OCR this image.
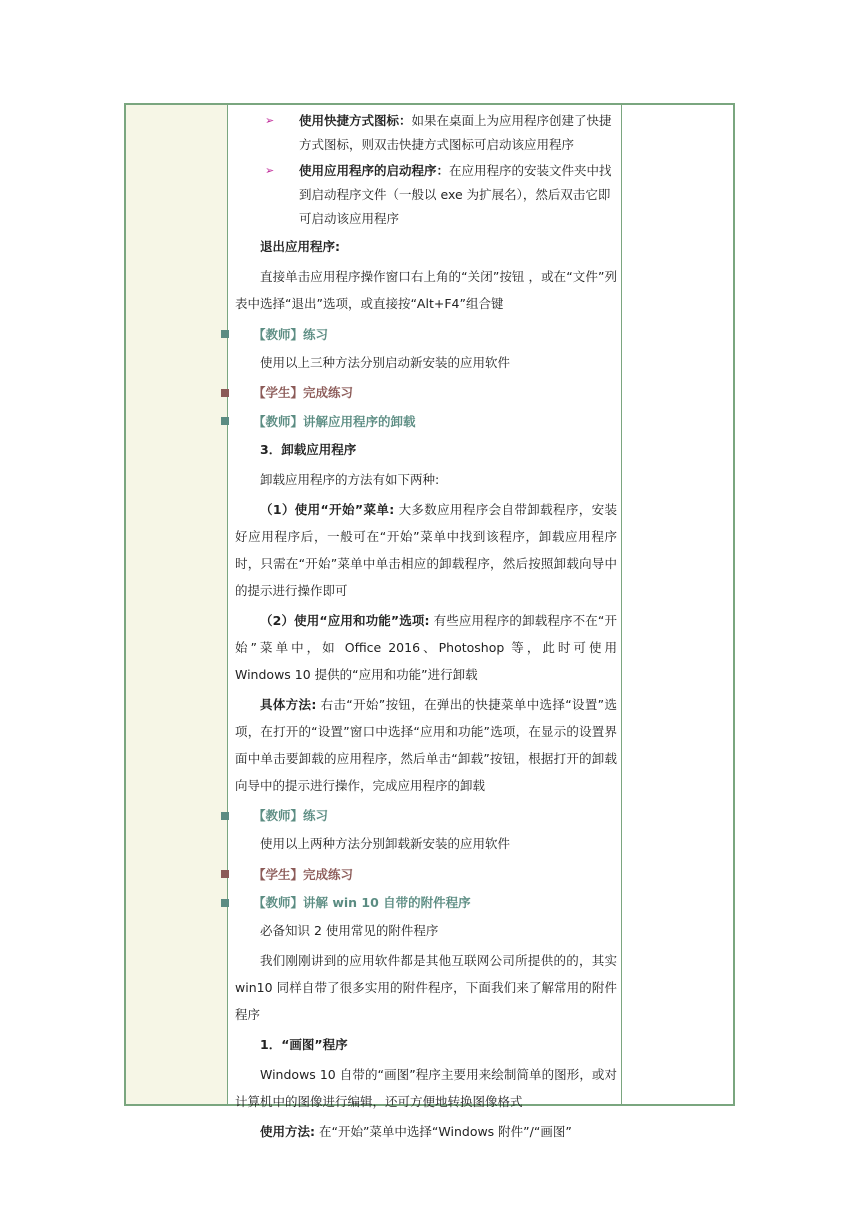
➢	使用快捷方式图标：如果在桌面上为应用程序创建了快捷方式图标，则双击快捷方式图标可启动该应用程序
➢	使用应用程序的启动程序：在应用程序的安装文件夹中找到启动程序文件（一般以 exe 为扩展名），然后双击它即可启动该应用程序

退出应用程序:

直接单击应用程序操作窗口右上角的“关闭”按钮 ，或在“文件”列表中选择“退出”选项，或直接按“Alt+F4”组合键

【教师】练习

使用以上三种方法分别启动新安装的应用软件

【学生】完成练习
【教师】讲解应用程序的卸载

3．卸载应用程序

卸载应用程序的方法有如下两种:

（1）使用“开始”菜单: 大多数应用程序会自带卸载程序，安装好应用程序后，一般可在“开始”菜单中找到该程序，卸载应用程序时，只需在“开始”菜单中单击相应的卸载程序，然后按照卸载向导中的提示进行操作即可

（2）使用“应用和功能”选项: 有些应用程序的卸载程序不在“开始”菜单中，如 Office 2016、Photoshop 等，此时可使用 Windows 10 提供的“应用和功能”进行卸载

具体方法: 右击“开始”按钮，在弹出的快捷菜单中选择“设置”选项，在打开的“设置”窗口中选择“应用和功能”选项，在显示的设置界面中单击要卸载的应用程序，然后单击“卸载”按钮，根据打开的卸载向导中的提示进行操作，完成应用程序的卸载

【教师】练习

使用以上两种方法分别卸载新安装的应用软件

【学生】完成练习
【教师】讲解 win 10 自带的附件程序

必备知识 2 使用常见的附件程序

我们刚刚讲到的应用软件都是其他互联网公司所提供的的，其实 win10 同样自带了很多实用的附件程序，下面我们来了解常用的附件程序

1．“画图”程序

Windows 10 自带的“画图”程序主要用来绘制简单的图形，或对计算机中的图像进行编辑，还可方便地转换图像格式

使用方法: 在“开始”菜单中选择“Windows 附件”/“画图”
